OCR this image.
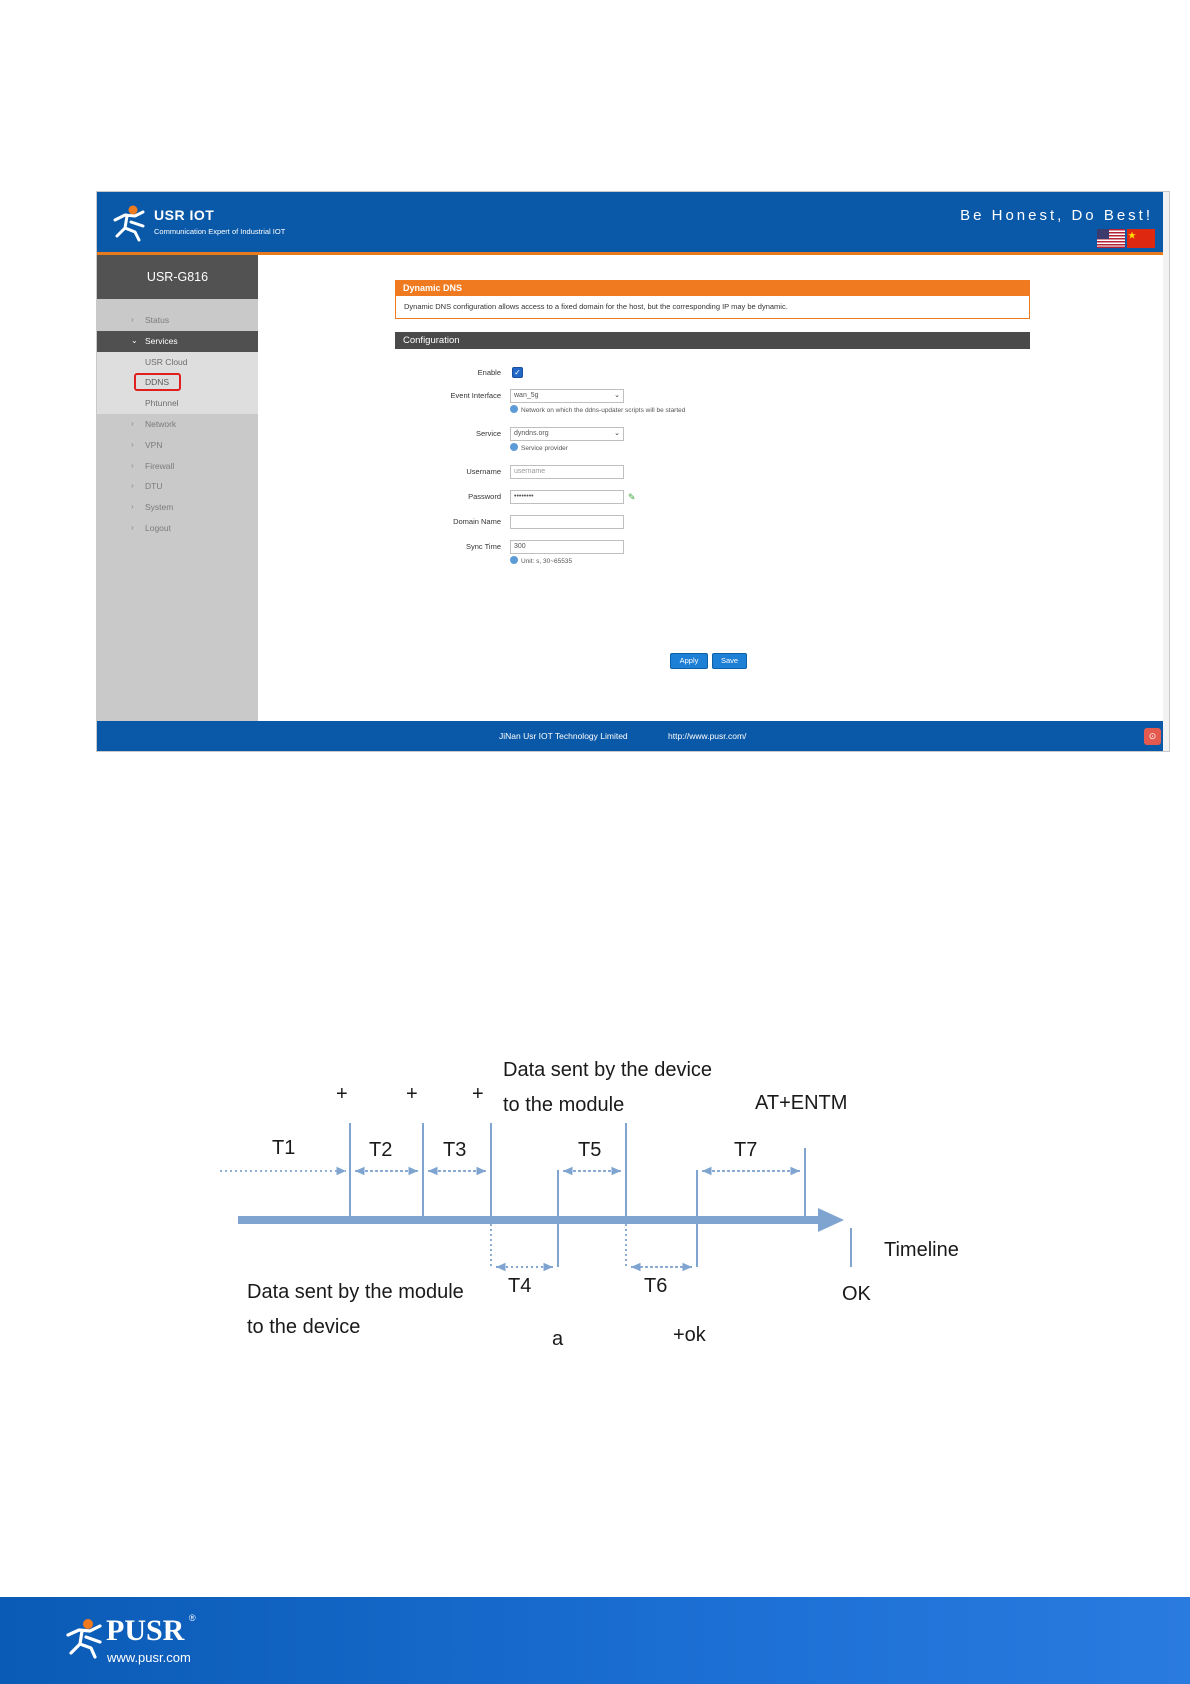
USR IOT
Communication Expert of Industrial IOT
Be Honest, Do Best!
USR-G816
› Status
⌄ Services
USR Cloud
DDNS
Phtunnel
› Network
› VPN
› Firewall
› DTU
› System
› Logout
Dynamic DNS
Dynamic DNS configuration allows access to a fixed domain for the host, but the corresponding IP may be dynamic.
Configuration
Enable ✓
Event Interface	wan_5g	⌄
Network on which the ddns-updater scripts will be started
Service	dyndns.org	⌄
Service provider
Username	username
Password	••••••••	✎
Domain Name
Sync Time	300
Unit: s, 30~65535
Apply	Save
JiNan Usr IOT Technology Limited	http://www.pusr.com/	⊙
+	+	+
Data sent by the device
to the module	AT+ENTM
T1	T2	T3	T5	T7
Timeline
T4	T6	OK
Data sent by the module
to the device
a	+ok
PUSR ®
www.pusr.com
